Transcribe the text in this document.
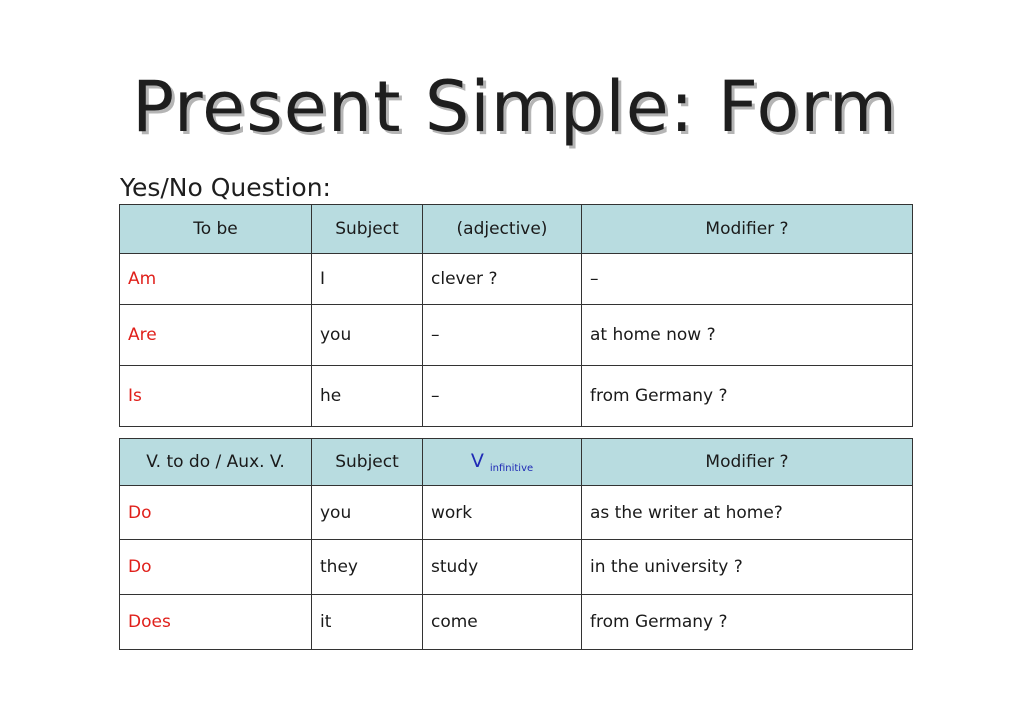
Present Simple: Form
Yes/No Question:
To be	Subject	(adjective)	Modifier ?
Am	I	clever ?	–
Are	you	–	at home now ?
Is	he	–	from Germany ?
V. to do / Aux. V.	Subject	V $_{infinitive}$	Modifier ?
Do	you	work	as the writer at home?
Do	they	study	in the university ?
Does	it	come	from Germany ?
